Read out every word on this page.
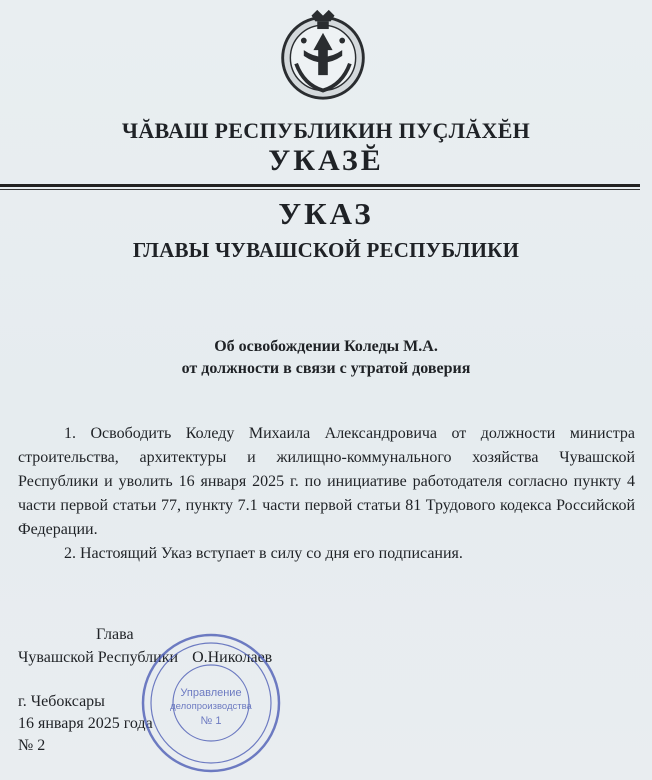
ЧĂВАШ РЕСПУБЛИКИН ПУÇЛĂХĔН
УКАЗĔ
УКАЗ
ГЛАВЫ ЧУВАШСКОЙ РЕСПУБЛИКИ
Об освобождении Коледы М.А.
от должности в связи с утратой доверия

1. Освободить Коледу Михаила Александровича от должности министра строительства, архитектуры и жилищно-коммунального хозяйства Чувашской Республики и уволить 16 января 2025 г. по инициативе работодателя согласно пункту 4 части первой статьи 77, пункту 7.1 части первой статьи 81 Трудового кодекса Российской Федерации.

2. Настоящий Указ вступает в силу со дня его подписания.

Глава
Чувашской Республики О.Николаев
г. Чебоксары
16 января 2025 года
№ 2
Управление
делопроизводства
№ 1
